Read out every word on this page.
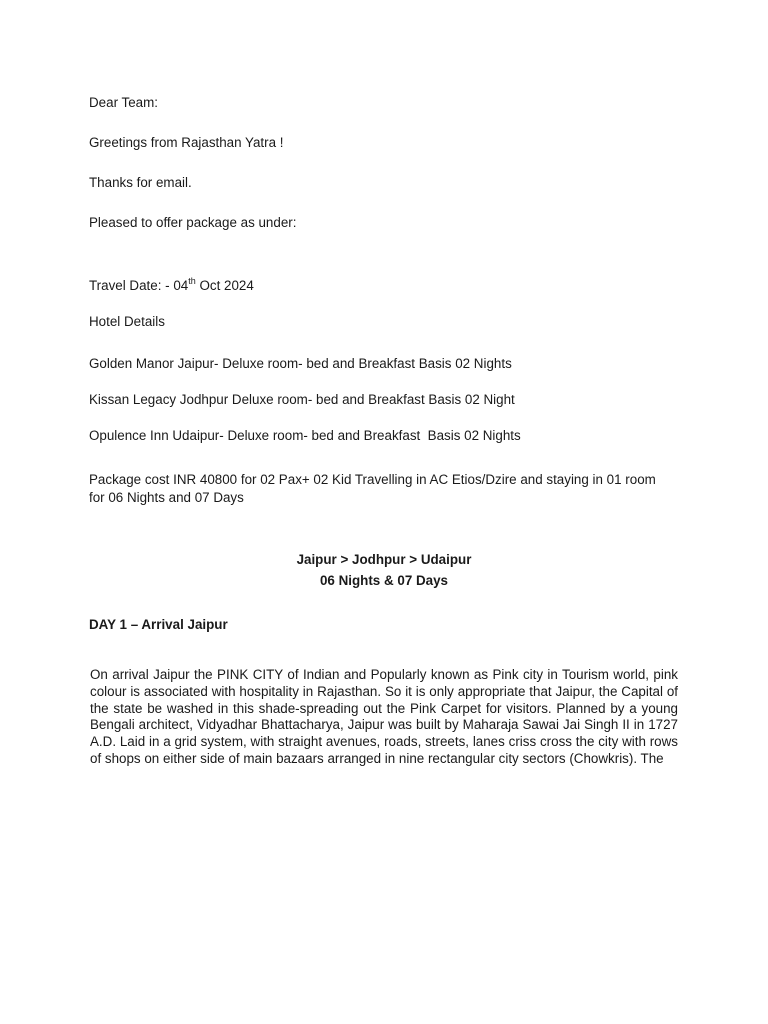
Dear Team:
Greetings from Rajasthan Yatra !
Thanks for email.
Pleased to offer package as under:
Travel Date: - 04th Oct 2024
Hotel Details
Golden Manor Jaipur- Deluxe room- bed and Breakfast Basis 02 Nights
Kissan Legacy Jodhpur Deluxe room- bed and Breakfast Basis 02 Night
Opulence Inn Udaipur- Deluxe room- bed and Breakfast  Basis 02 Nights
Package cost INR 40800 for 02 Pax+ 02 Kid Travelling in AC Etios/Dzire and staying in 01 room for 06 Nights and 07 Days
Jaipur > Jodhpur > Udaipur
06 Nights & 07 Days
DAY 1 – Arrival Jaipur
On arrival Jaipur the PINK CITY of Indian and Popularly known as Pink city in Tourism world, pink colour is associated with hospitality in Rajasthan. So it is only appropriate that Jaipur, the Capital of the state be washed in this shade-spreading out the Pink Carpet for visitors. Planned by a young Bengali architect, Vidyadhar Bhattacharya, Jaipur was built by Maharaja Sawai Jai Singh II in 1727 A.D. Laid in a grid system, with straight avenues, roads, streets, lanes criss cross the city with rows of shops on either side of main bazaars arranged in nine rectangular city sectors (Chowkris). The
